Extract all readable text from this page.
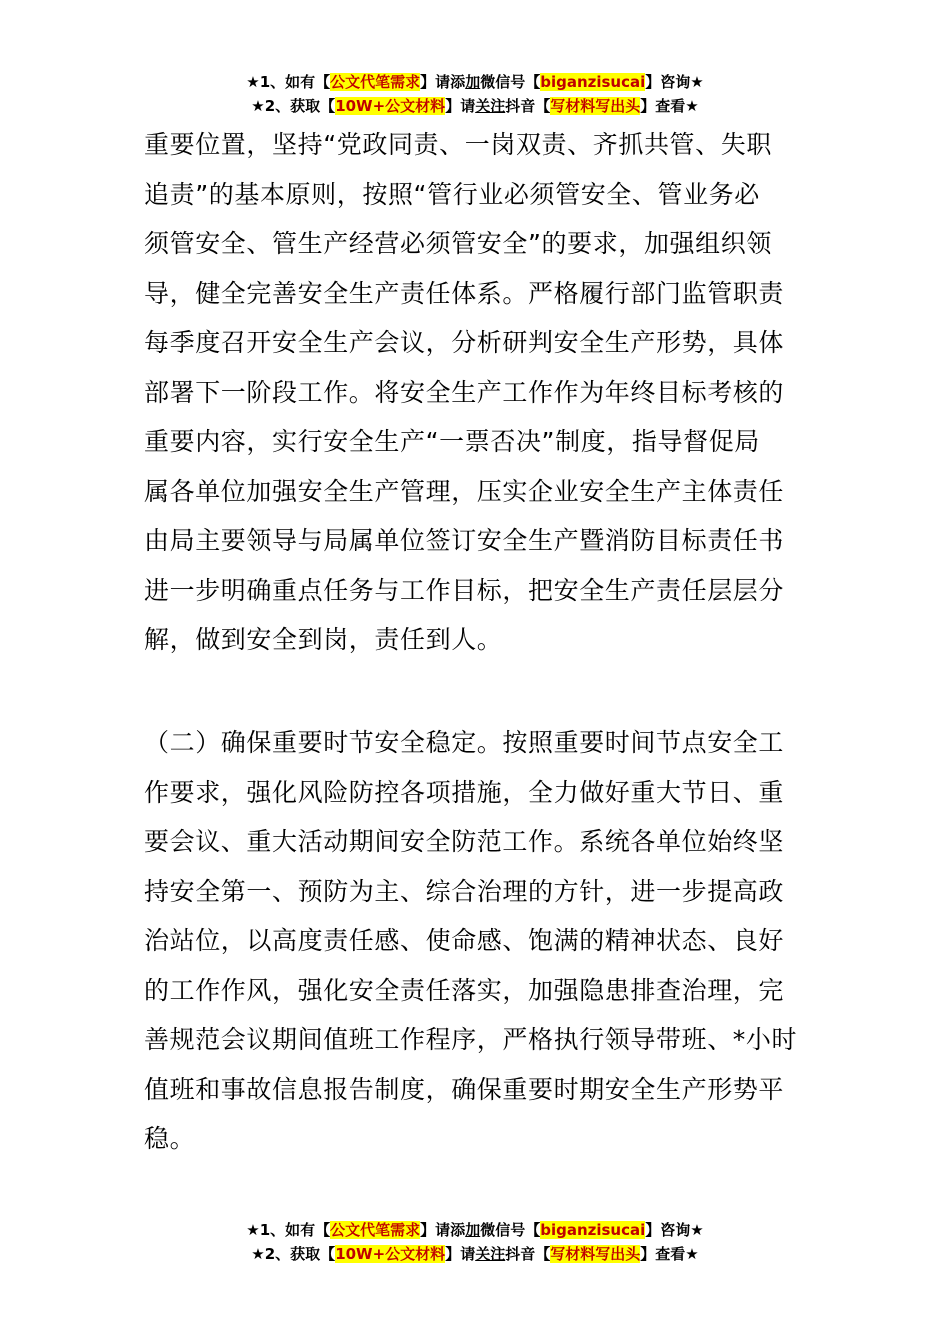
★1、如有【公文代笔需求】请添加微信号【biganzisucai】咨询★
★2、获取【10W+公文材料】请关注抖音【写材料写出头】查看★
重要位置，坚持“党政同责、一岗双责、齐抓共管、失职
追责”的基本原则，按照“管行业必须管安全、管业务必
须管安全、管生产经营必须管安全”的要求，加强组织领
导，健全完善安全生产责任体系。严格履行部门监管职责
每季度召开安全生产会议，分析研判安全生产形势，具体
部署下一阶段工作。将安全生产工作作为年终目标考核的
重要内容，实行安全生产“一票否决”制度，指导督促局
属各单位加强安全生产管理，压实企业安全生产主体责任
由局主要领导与局属单位签订安全生产暨消防目标责任书
进一步明确重点任务与工作目标，把安全生产责任层层分
解，做到安全到岗，责任到人。
（二）确保重要时节安全稳定。按照重要时间节点安全工
作要求，强化风险防控各项措施，全力做好重大节日、重
要会议、重大活动期间安全防范工作。系统各单位始终坚
持安全第一、预防为主、综合治理的方针，进一步提高政
治站位，以高度责任感、使命感、饱满的精神状态、良好
的工作作风，强化安全责任落实，加强隐患排查治理，完
善规范会议期间值班工作程序，严格执行领导带班、*小时
值班和事故信息报告制度，确保重要时期安全生产形势平
稳。
★1、如有【公文代笔需求】请添加微信号【biganzisucai】咨询★
★2、获取【10W+公文材料】请关注抖音【写材料写出头】查看★
